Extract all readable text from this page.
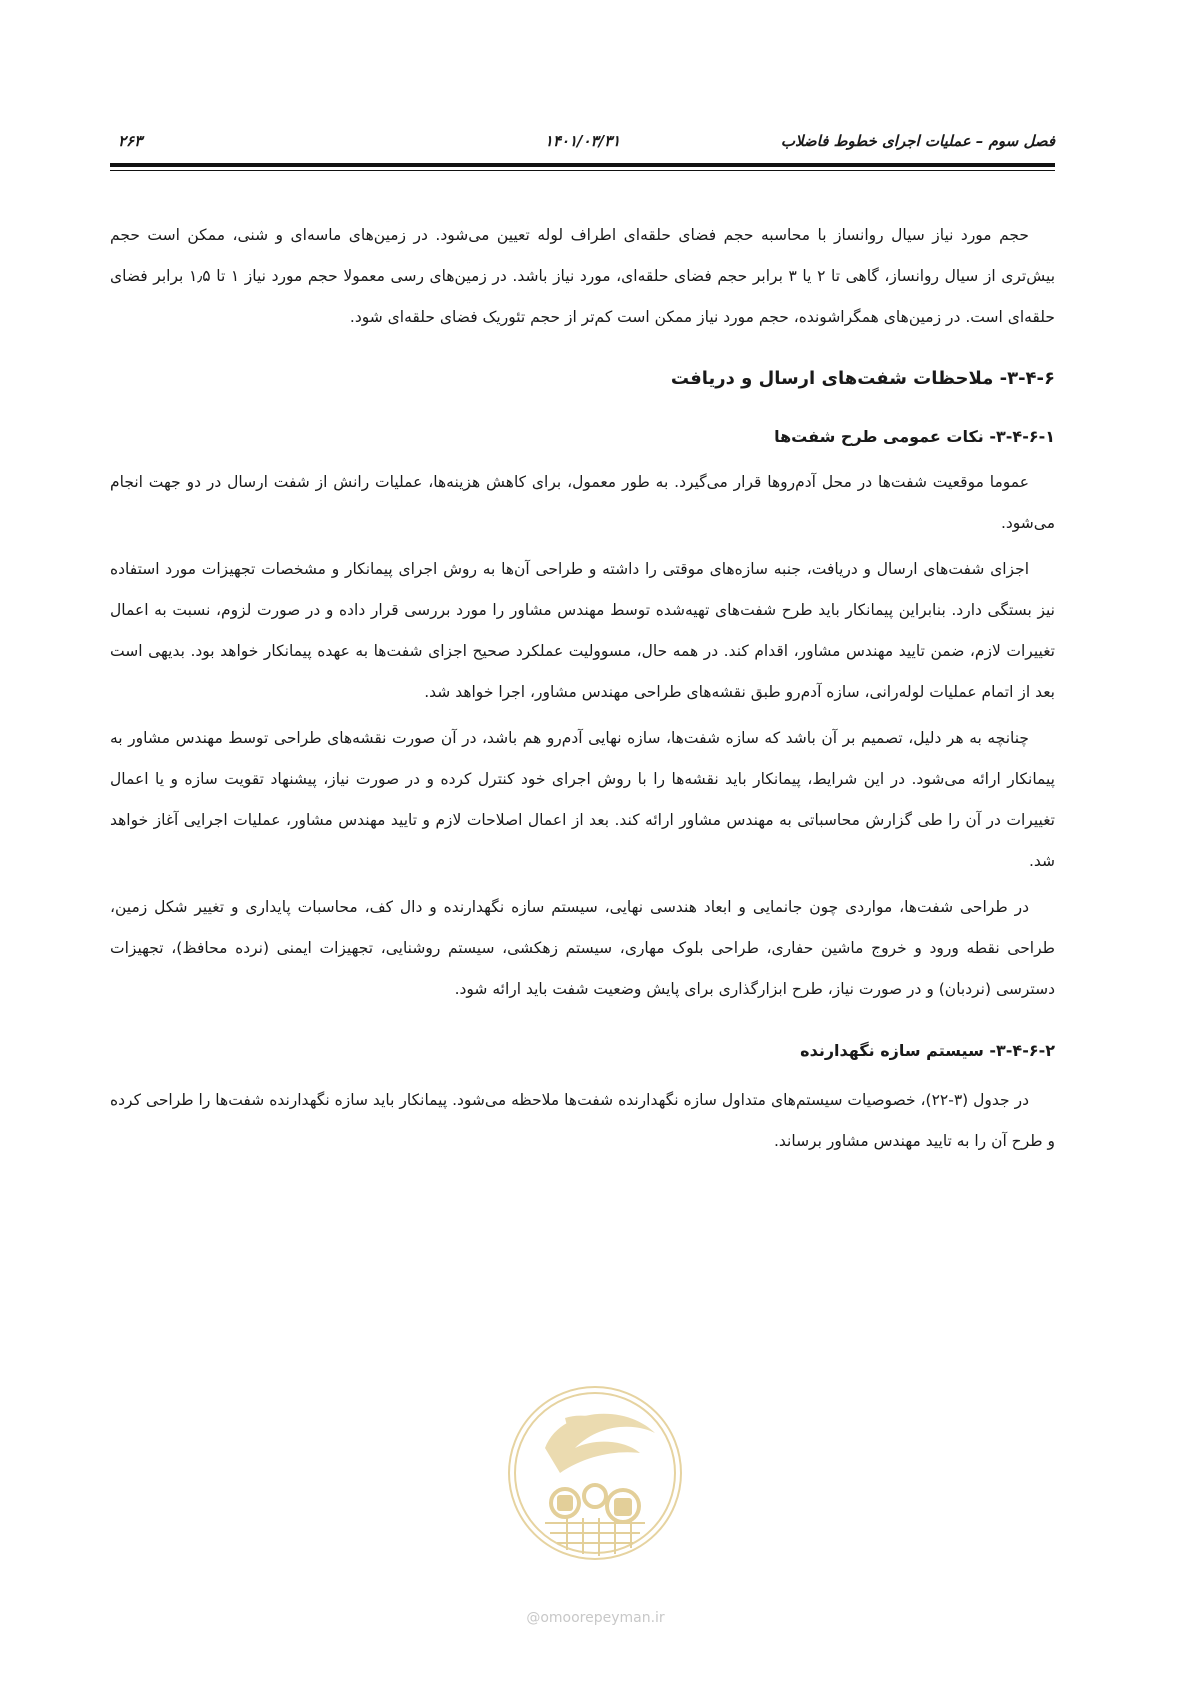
فصل سوم – عملیات اجرای خطوط فاضلاب
۱۴۰۱/۰۳/۳۱
۲۶۳

حجم مورد نیاز سیال روانساز با محاسبه حجم فضای حلقه‌ای اطراف لوله تعیین می‌شود. در زمین‌های ماسه‌ای و شنی، ممکن است حجم بیش‌تری از سیال روانساز، گاهی تا ۲ یا ۳ برابر حجم فضای حلقه‌ای، مورد نیاز باشد. در زمین‌های رسی معمولا حجم مورد نیاز ۱ تا ۱٫۵ برابر فضای حلقه‌ای است. در زمین‌های همگراشونده، حجم مورد نیاز ممکن است کم‌تر از حجم تئوریک فضای حلقه‌ای شود.

۳-۴-۶- ملاحظات شفت‌های ارسال و دریافت
۳-۴-۶-۱- نکات عمومی طرح شفت‌ها

عموما موقعیت شفت‌ها در محل آدم‌روها قرار می‌گیرد. به طور معمول، برای کاهش هزینه‌ها، عملیات رانش از شفت ارسال در دو جهت انجام می‌شود.

اجزای شفت‌های ارسال و دریافت، جنبه سازه‌های موقتی را داشته و طراحی آن‌ها به روش اجرای پیمانکار و مشخصات تجهیزات مورد استفاده نیز بستگی دارد. بنابراین پیمانکار باید طرح شفت‌های تهیه‌شده توسط مهندس مشاور را مورد بررسی قرار داده و در صورت لزوم، نسبت به اعمال تغییرات لازم، ضمن تایید مهندس مشاور، اقدام کند. در همه حال، مسوولیت عملکرد صحیح اجزای شفت‌ها به عهده پیمانکار خواهد بود. بدیهی است بعد از اتمام عملیات لوله‌رانی، سازه آدم‌رو طبق نقشه‌های طراحی مهندس مشاور، اجرا خواهد شد.

چنانچه به هر دلیل، تصمیم بر آن باشد که سازه شفت‌ها، سازه نهایی آدم‌رو هم باشد، در آن صورت نقشه‌های طراحی توسط مهندس مشاور به پیمانکار ارائه می‌شود. در این شرایط، پیمانکار باید نقشه‌ها را با روش اجرای خود کنترل کرده و در صورت نیاز، پیشنهاد تقویت سازه و یا اعمال تغییرات در آن را طی گزارش محاسباتی به مهندس مشاور ارائه کند. بعد از اعمال اصلاحات لازم و تایید مهندس مشاور، عملیات اجرایی آغاز خواهد شد.

در طراحی شفت‌ها، مواردی چون جانمایی و ابعاد هندسی نهایی، سیستم سازه نگهدارنده و دال کف، محاسبات پایداری و تغییر شکل زمین، طراحی نقطه ورود و خروج ماشین حفاری، طراحی بلوک مهاری، سیستم زهکشی، سیستم روشنایی، تجهیزات ایمنی (نرده محافظ)، تجهیزات دسترسی (نردبان) و در صورت نیاز، طرح ابزارگذاری برای پایش وضعیت شفت باید ارائه شود.

۳-۴-۶-۲- سیستم سازه نگهدارنده

در جدول (۳-۲۲)، خصوصیات سیستم‌های متداول سازه نگهدارنده شفت‌ها ملاحظه می‌شود. پیمانکار باید سازه نگهدارنده شفت‌ها را طراحی کرده و طرح آن را به تایید مهندس مشاور برساند.

@omoorepeyman.ir
